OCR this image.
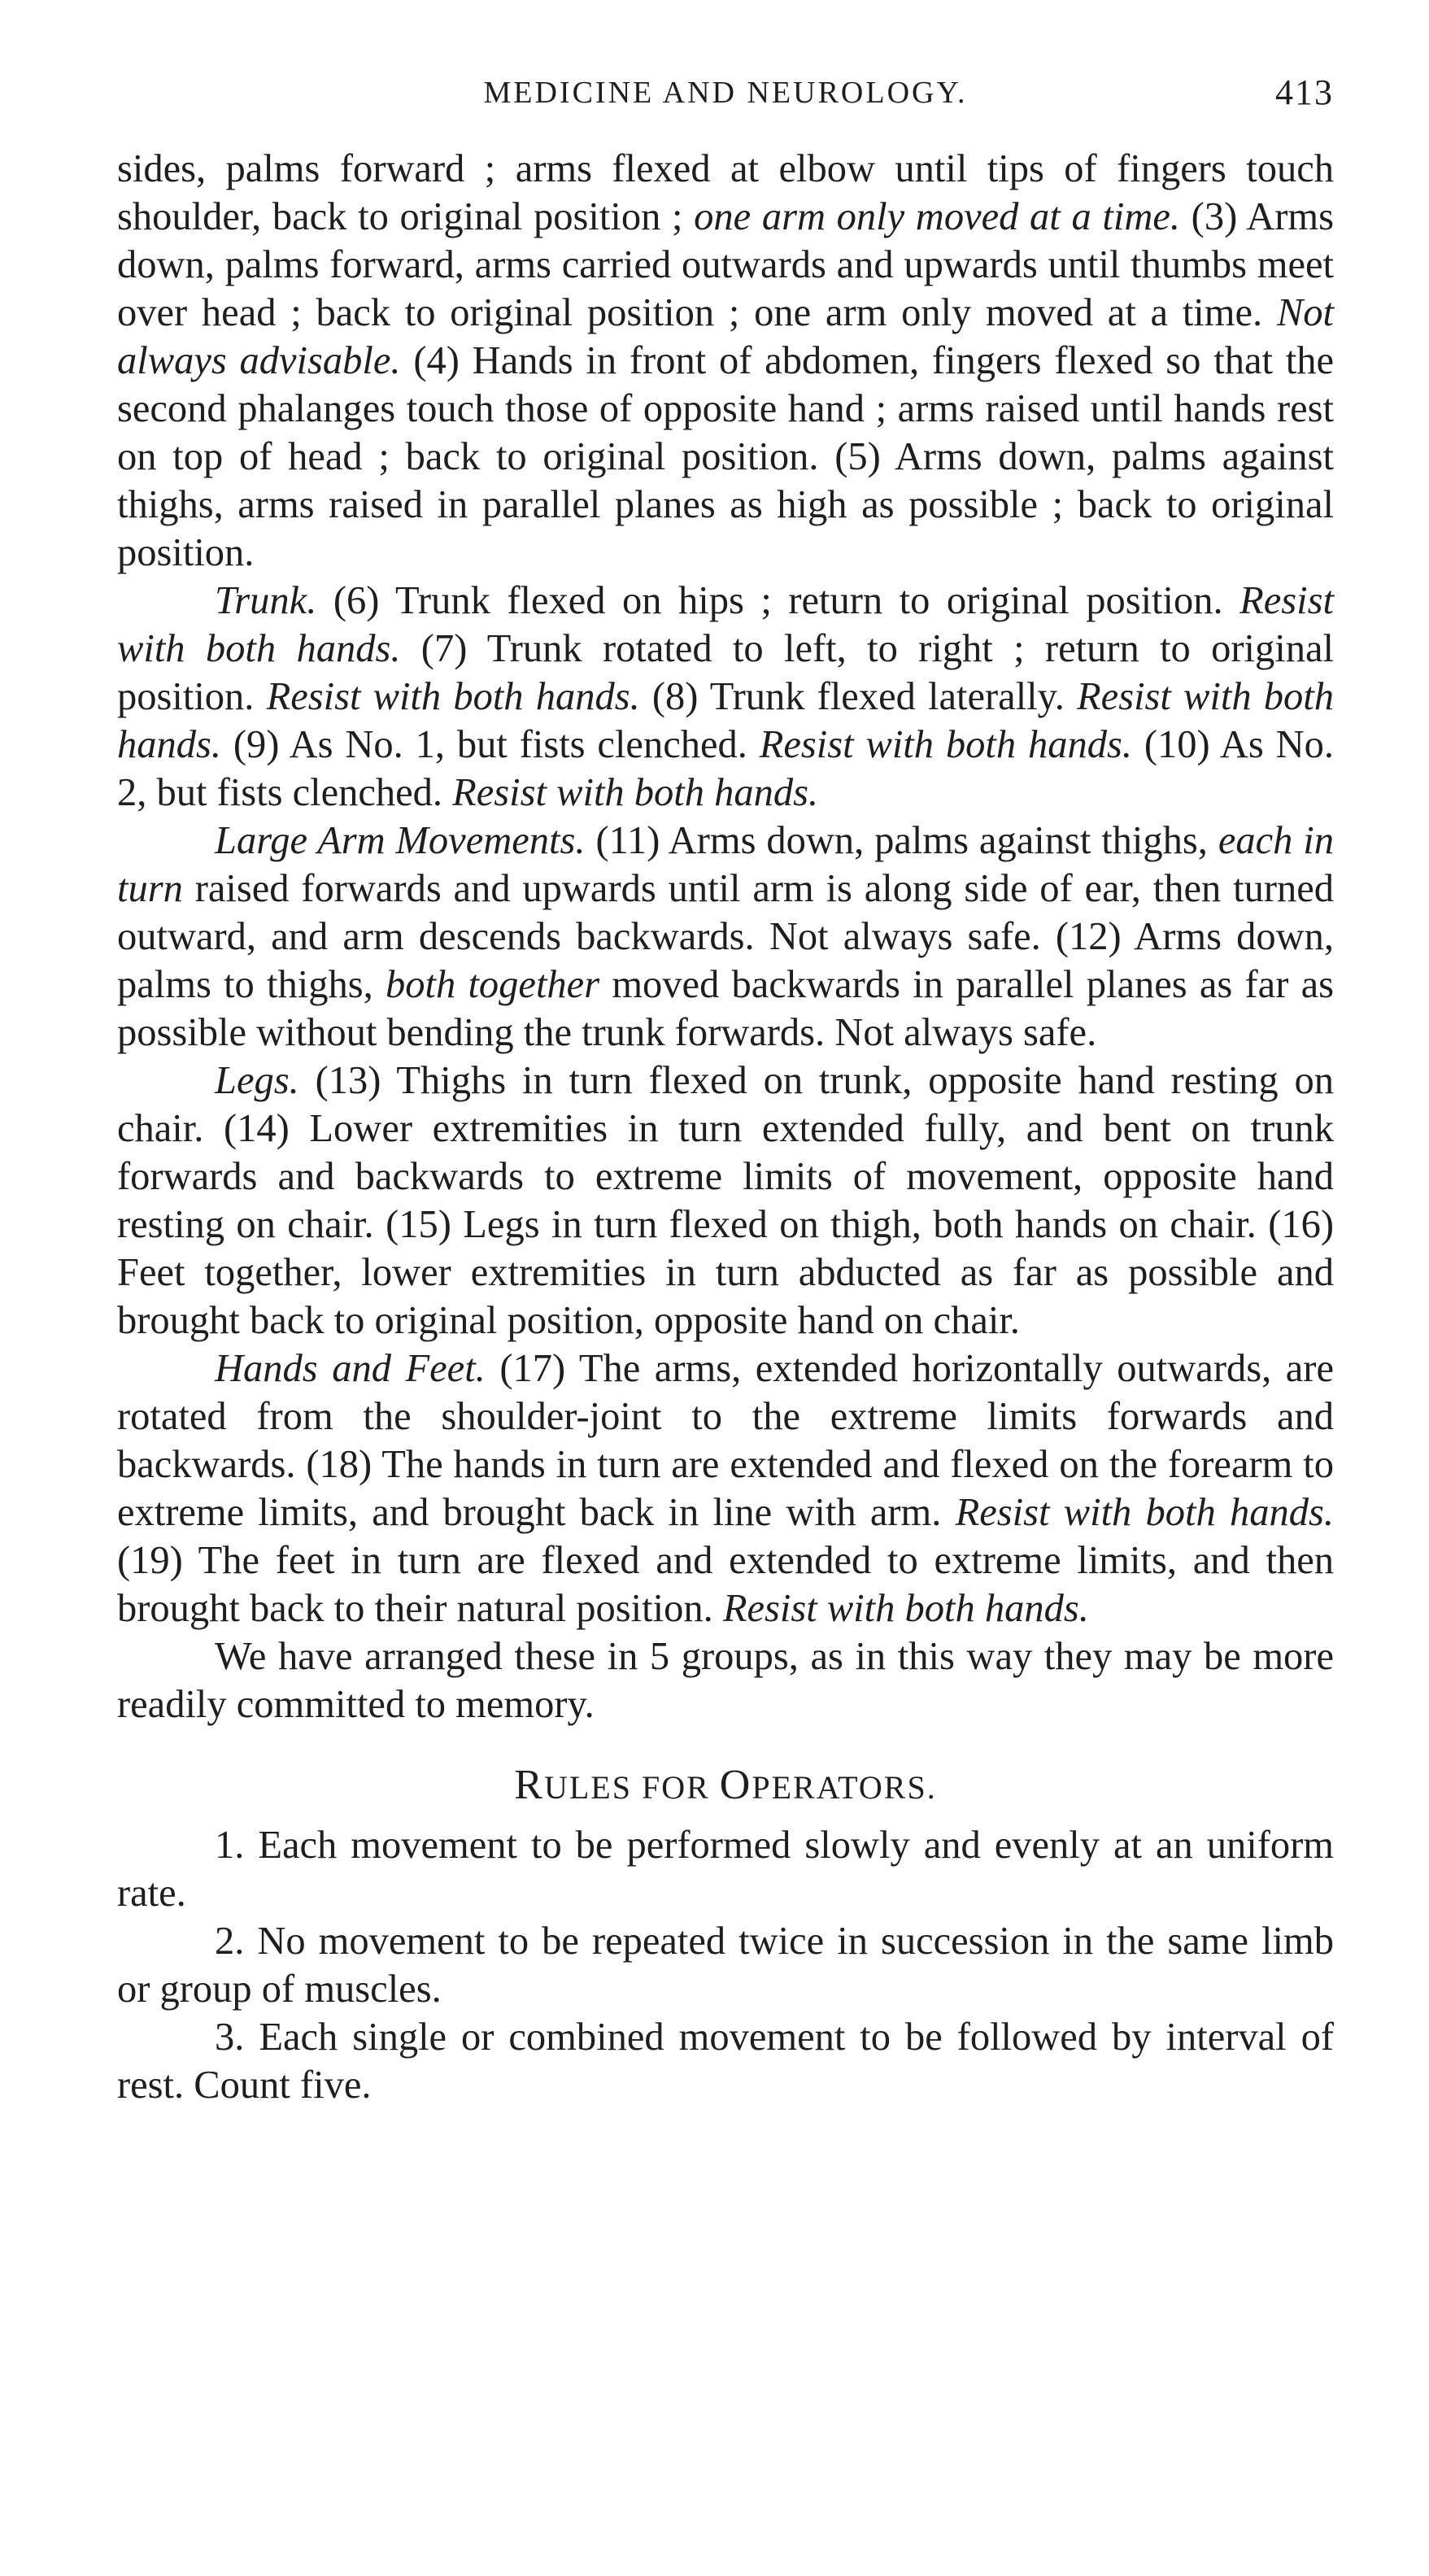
MEDICINE AND NEUROLOGY.	413

sides, palms forward ; arms flexed at elbow until tips of fingers touch shoulder, back to original position ; one arm only moved at a time. (3) Arms down, palms forward, arms carried outwards and upwards until thumbs meet over head ; back to original position ; one arm only moved at a time. Not always advisable. (4) Hands in front of abdomen, fingers flexed so that the second phalanges touch those of opposite hand ; arms raised until hands rest on top of head ; back to original position. (5) Arms down, palms against thighs, arms raised in parallel planes as high as possible ; back to original position.

Trunk. (6) Trunk flexed on hips ; return to original position. Resist with both hands. (7) Trunk rotated to left, to right ; return to original position. Resist with both hands. (8) Trunk flexed laterally. Resist with both hands. (9) As No. 1, but fists clenched. Resist with both hands. (10) As No. 2, but fists clenched. Resist with both hands.

Large Arm Movements. (11) Arms down, palms against thighs, each in turn raised forwards and upwards until arm is along side of ear, then turned outward, and arm descends backwards. Not always safe. (12) Arms down, palms to thighs, both together moved backwards in parallel planes as far as possible without bending the trunk forwards. Not always safe.

Legs. (13) Thighs in turn flexed on trunk, opposite hand resting on chair. (14) Lower extremities in turn extended fully, and bent on trunk forwards and backwards to extreme limits of movement, opposite hand resting on chair. (15) Legs in turn flexed on thigh, both hands on chair. (16) Feet together, lower extremities in turn abducted as far as possible and brought back to original position, opposite hand on chair.

Hands and Feet. (17) The arms, extended horizontally outwards, are rotated from the shoulder-joint to the extreme limits forwards and backwards. (18) The hands in turn are extended and flexed on the forearm to extreme limits, and brought back in line with arm. Resist with both hands. (19) The feet in turn are flexed and extended to extreme limits, and then brought back to their natural position. Resist with both hands.

We have arranged these in 5 groups, as in this way they may be more readily committed to memory.

RULES FOR OPERATORS.

1. Each movement to be performed slowly and evenly at an uniform rate.

2. No movement to be repeated twice in succession in the same limb or group of muscles.

3. Each single or combined movement to be followed by interval of rest. Count five.
